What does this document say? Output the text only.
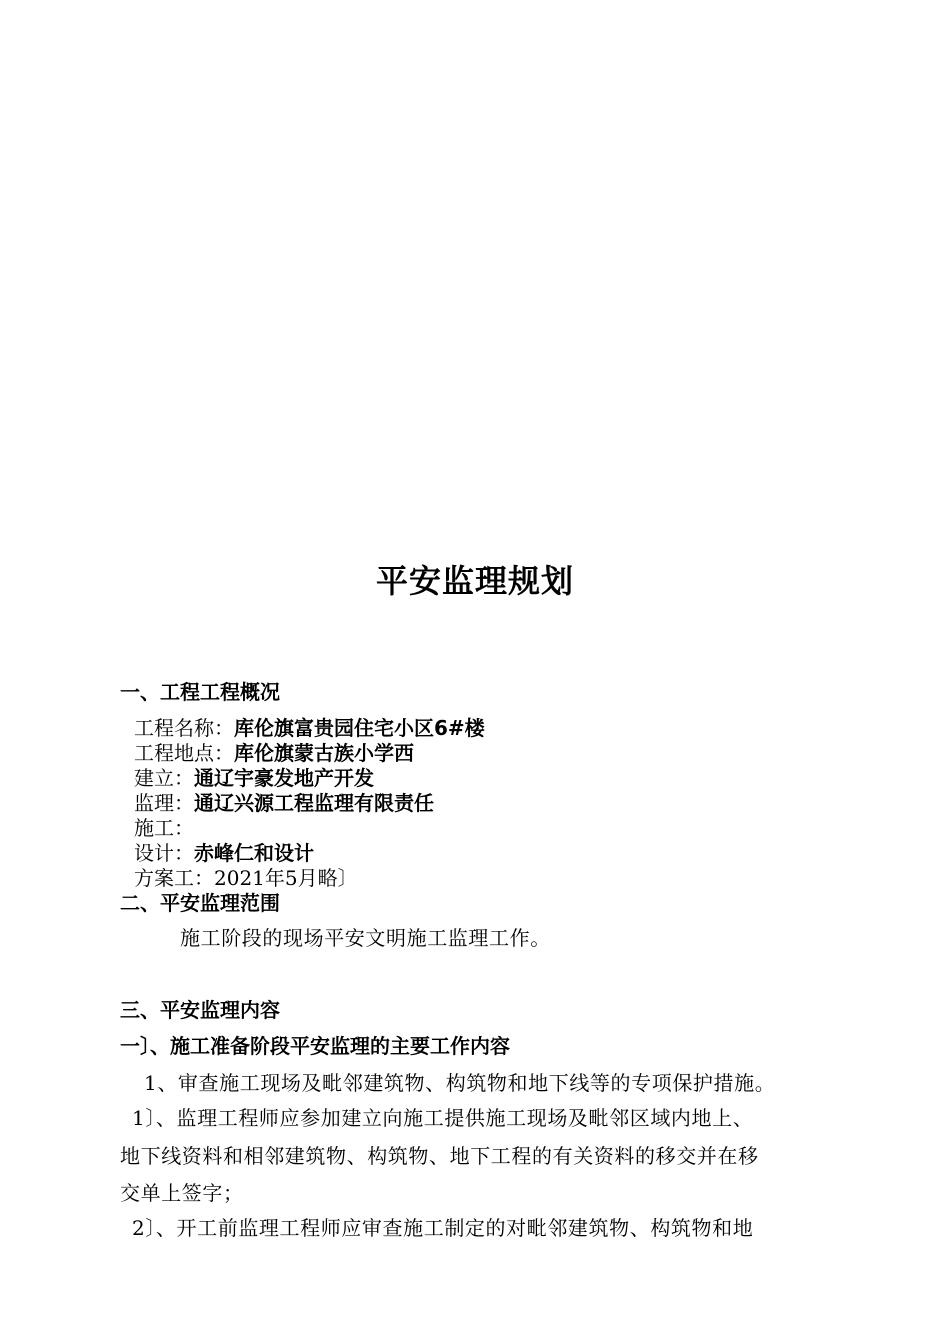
平安监理规划
一、工程工程概况
工程名称：库伦旗富贵园住宅小区6#楼
工程地点：库伦旗蒙古族小学西
建立：通辽宇豪发地产开发
监理：通辽兴源工程监理有限责任
施工：
设计：赤峰仁和设计
方案工：2021年5月略〕
二、平安监理范围
施工阶段的现场平安文明施工监理工作。
三、平安监理内容
一〕、施工准备阶段平安监理的主要工作内容
1、审查施工现场及毗邻建筑物、构筑物和地下线等的专项保护措施。
1〕、监理工程师应参加建立向施工提供施工现场及毗邻区域内地上、
地下线资料和相邻建筑物、构筑物、地下工程的有关资料的移交并在移
交单上签字；
2〕、开工前监理工程师应审查施工制定的对毗邻建筑物、构筑物和地
